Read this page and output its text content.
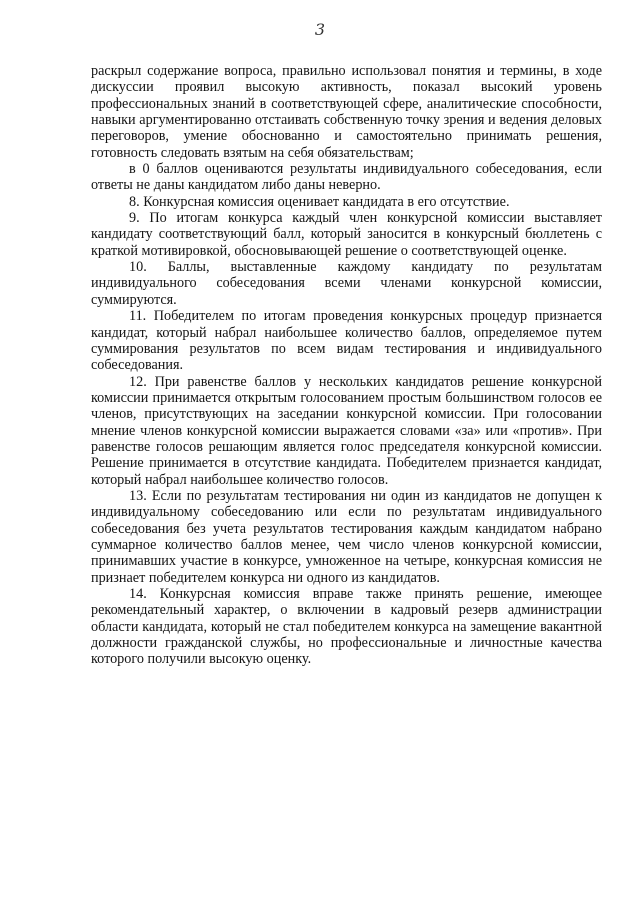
3

раскрыл содержание вопроса, правильно использовал понятия и термины, в ходе дискуссии проявил высокую активность, показал высокий уровень профессиональных знаний в соответствующей сфере, аналитические способности, навыки аргументированно отстаивать собственную точку зрения и ведения деловых переговоров, умение обоснованно и самостоятельно принимать решения, готовность следовать взятым на себя обязательствам;

в 0 баллов оцениваются результаты индивидуального собеседования, если ответы не даны кандидатом либо даны неверно.

8. Конкурсная комиссия оценивает кандидата в его отсутствие.

9. По итогам конкурса каждый член конкурсной комиссии выставляет кандидату соответствующий балл, который заносится в конкурсный бюллетень с краткой мотивировкой, обосновывающей решение о соответствующей оценке.

10. Баллы, выставленные каждому кандидату по результатам индивидуального собеседования всеми членами конкурсной комиссии, суммируются.

11. Победителем по итогам проведения конкурсных процедур признается кандидат, который набрал наибольшее количество баллов, определяемое путем суммирования результатов по всем видам тестирования и индивидуального собеседования.

12. При равенстве баллов у нескольких кандидатов решение конкурсной комиссии принимается открытым голосованием простым большинством голосов ее членов, присутствующих на заседании конкурсной комиссии. При голосовании мнение членов конкурсной комиссии выражается словами «за» или «против». При равенстве голосов решающим является голос председателя конкурсной комиссии. Решение принимается в отсутствие кандидата. Победителем признается кандидат, который набрал наибольшее количество голосов.

13. Если по результатам тестирования ни один из кандидатов не допущен к индивидуальному собеседованию или если по результатам индивидуального собеседования без учета результатов тестирования каждым кандидатом набрано суммарное количество баллов менее, чем число членов конкурсной комиссии, принимавших участие в конкурсе, умноженное на четыре, конкурсная комиссия не признает победителем конкурса ни одного из кандидатов.

14. Конкурсная комиссия вправе также принять решение, имеющее рекомендательный характер, о включении в кадровый резерв администрации области кандидата, который не стал победителем конкурса на замещение вакантной должности гражданской службы, но профессиональные и личностные качества которого получили высокую оценку.
